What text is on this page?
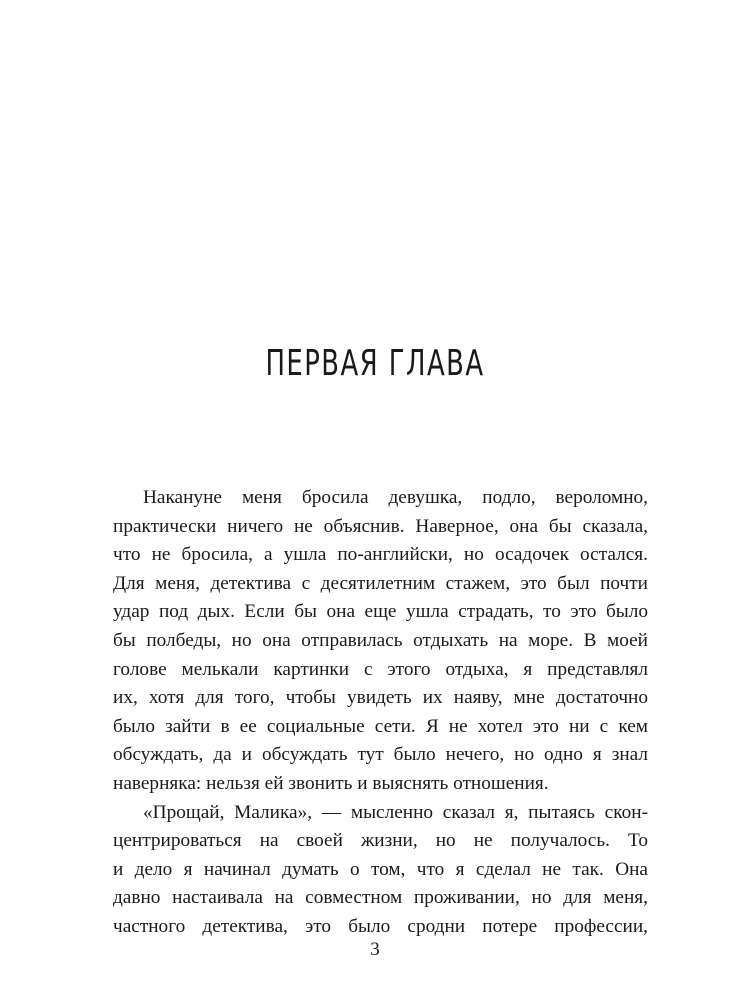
ПЕРВАЯ ГЛАВА
Накануне меня бросила девушка, подло, вероломно,
практически ничего не объяснив. Наверное, она бы сказала,
что не бросила, а ушла по-английски, но осадочек остался.
Для меня, детектива с десятилетним стажем, это был почти
удар под дых. Если бы она еще ушла страдать, то это было
бы полбеды, но она отправилась отдыхать на море. В моей
голове мелькали картинки с этого отдыха, я представлял
их, хотя для того, чтобы увидеть их наяву, мне достаточно
было зайти в ее социальные сети. Я не хотел это ни с кем
обсуждать, да и обсуждать тут было нечего, но одно я знал
наверняка: нельзя ей звонить и выяснять отношения.
«Прощай, Малика», — мысленно сказал я, пытаясь скон-
центрироваться на своей жизни, но не получалось. То
и дело я начинал думать о том, что я сделал не так. Она
давно настаивала на совместном проживании, но для меня,
частного детектива, это было сродни потере профессии,
3
